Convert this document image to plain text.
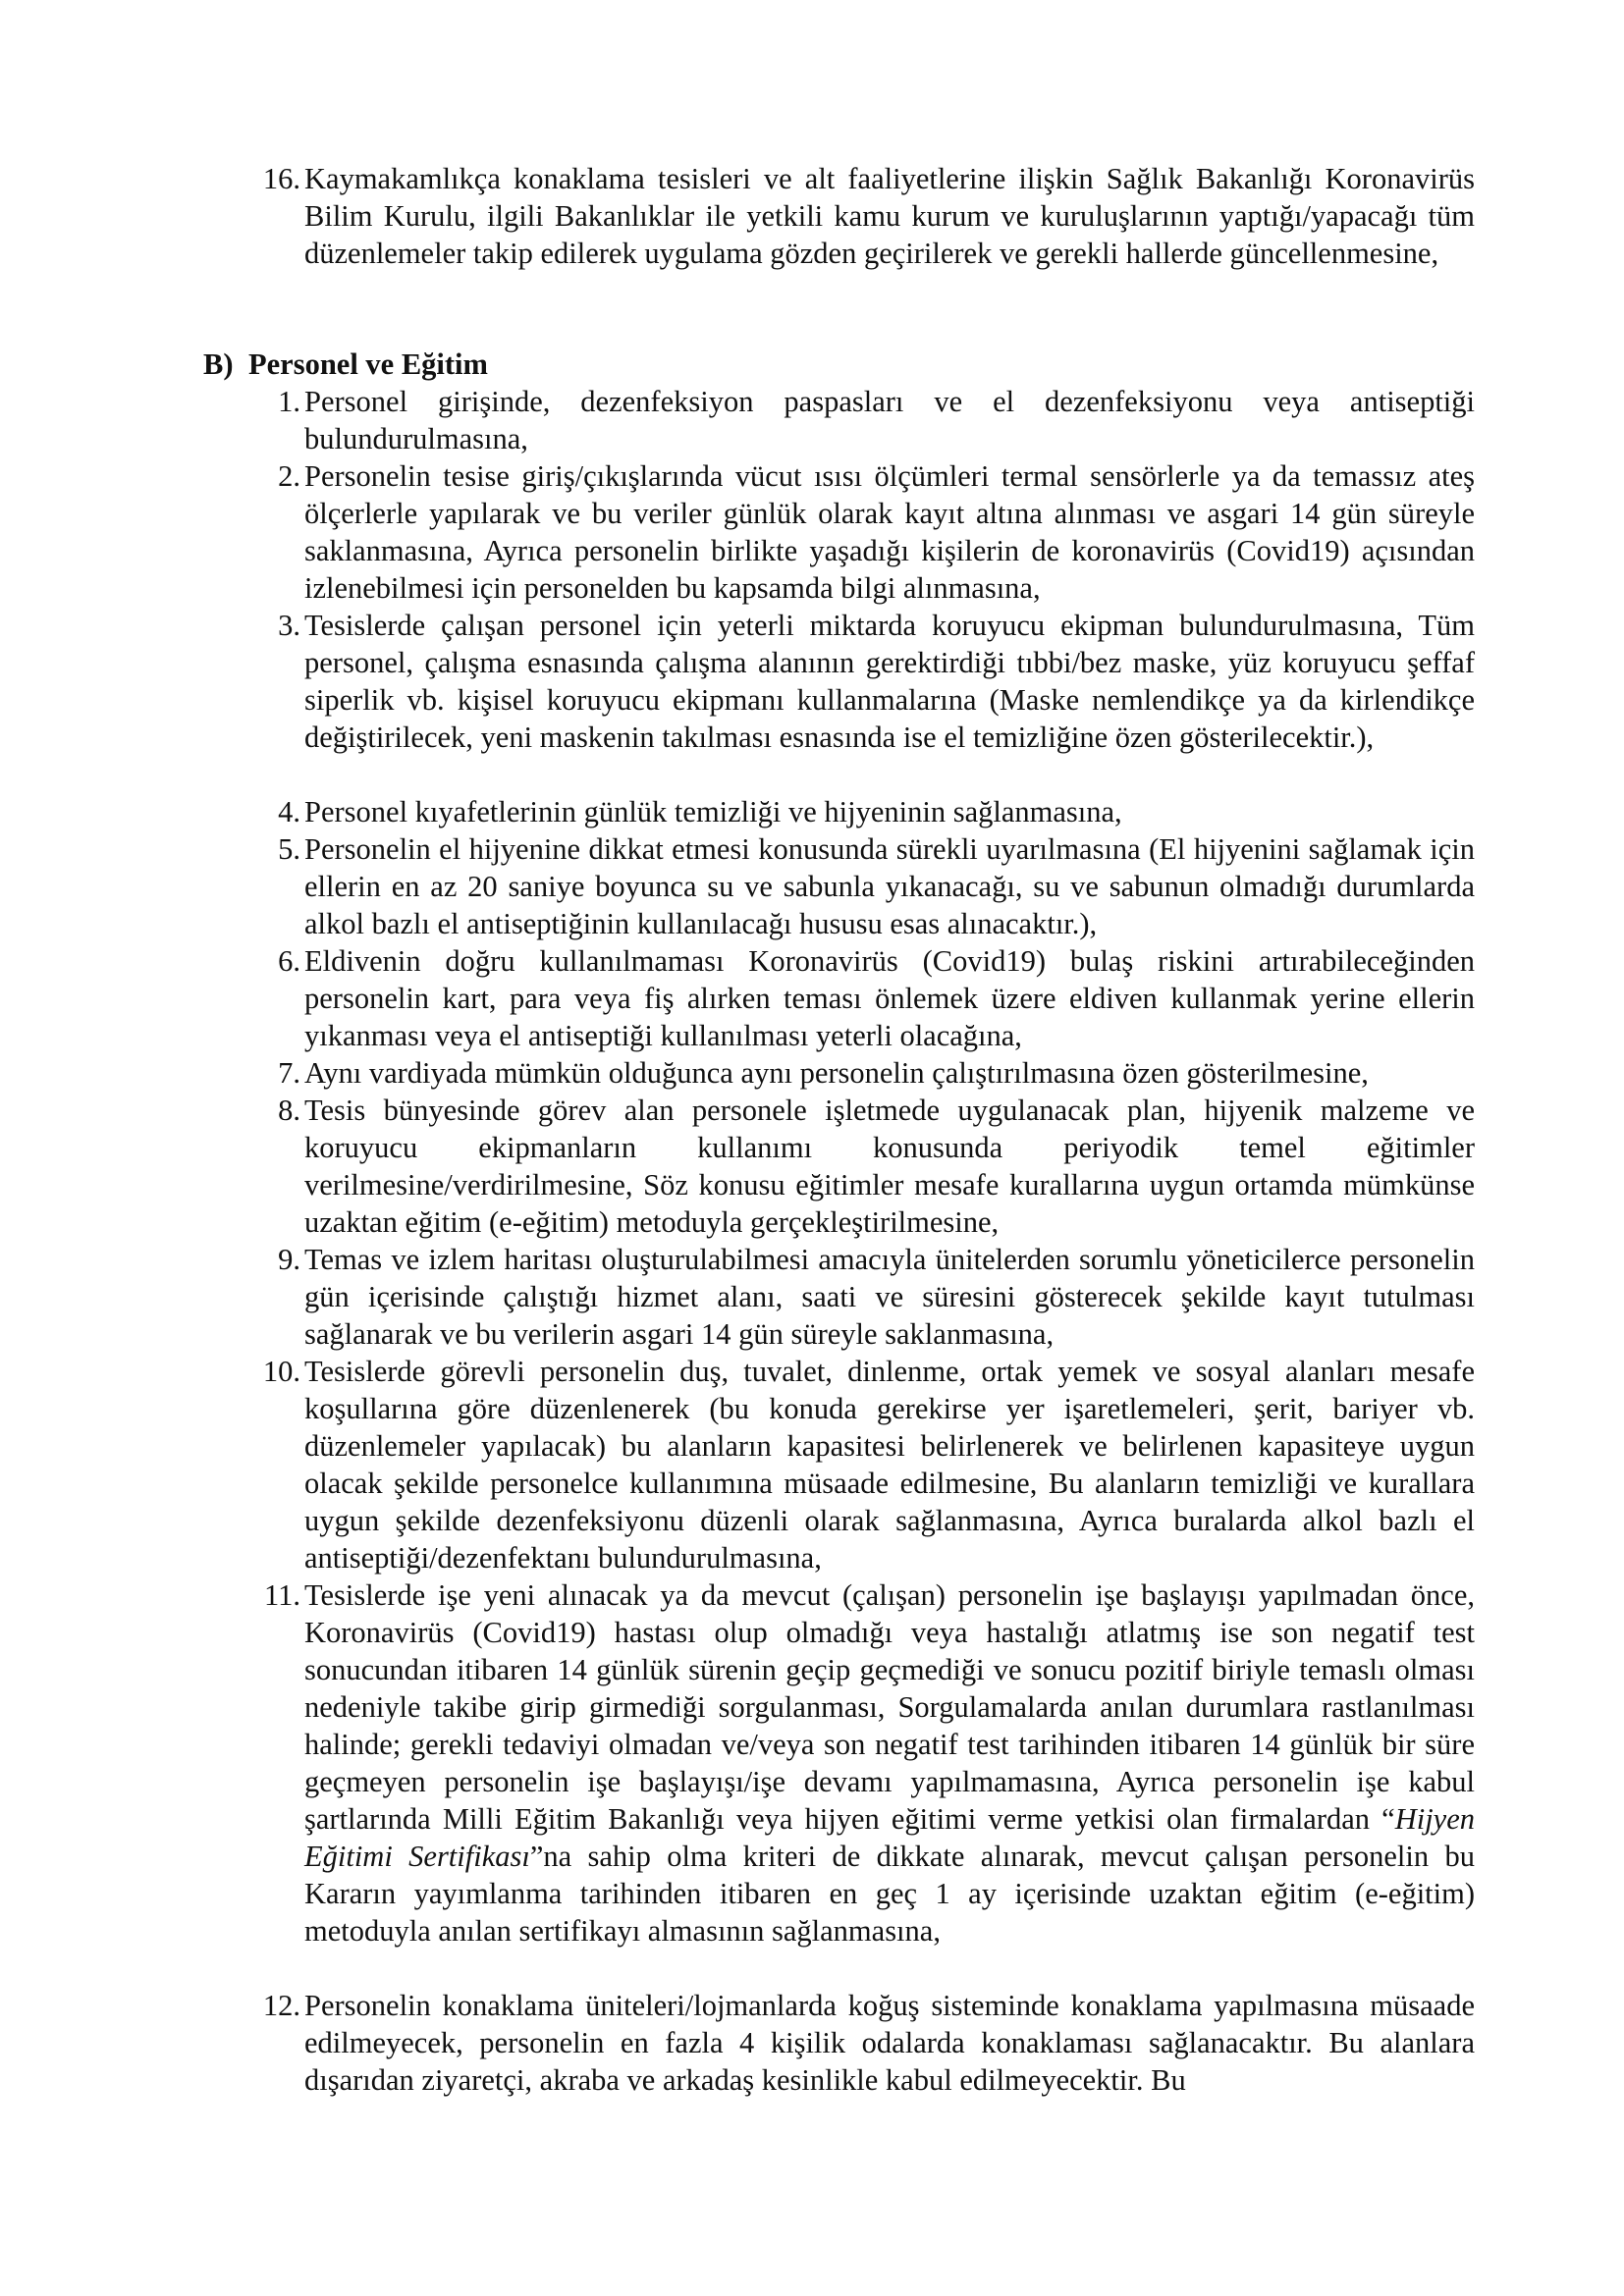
16. Kaymakamlıkça konaklama tesisleri ve alt faaliyetlerine ilişkin Sağlık Bakanlığı Koronavirüs Bilim Kurulu, ilgili Bakanlıklar ile yetkili kamu kurum ve kuruluşlarının yaptığı/yapacağı tüm düzenlemeler takip edilerek uygulama gözden geçirilerek ve gerekli hallerde güncellenmesine,
B) Personel ve Eğitim
1. Personel girişinde, dezenfeksiyon paspasları ve el dezenfeksiyonu veya antiseptiği bulundurulmasına,
2. Personelin tesise giriş/çıkışlarında vücut ısısı ölçümleri termal sensörlerle ya da temassız ateş ölçerlerle yapılarak ve bu veriler günlük olarak kayıt altına alınması ve asgari 14 gün süreyle saklanmasına, Ayrıca personelin birlikte yaşadığı kişilerin de koronavirüs (Covid19) açısından izlenebilmesi için personelden bu kapsamda bilgi alınmasına,
3. Tesislerde çalışan personel için yeterli miktarda koruyucu ekipman bulundurulmasına, Tüm personel, çalışma esnasında çalışma alanının gerektirdiği tıbbi/bez maske, yüz koruyucu şeffaf siperlik vb. kişisel koruyucu ekipmanı kullanmalarına (Maske nemlendikçe ya da kirlendikçe değiştirilecek, yeni maskenin takılması esnasında ise el temizliğine özen gösterilecektir.),
4. Personel kıyafetlerinin günlük temizliği ve hijyeninin sağlanmasına,
5. Personelin el hijyenine dikkat etmesi konusunda sürekli uyarılmasına (El hijyenini sağlamak için ellerin en az 20 saniye boyunca su ve sabunla yıkanacağı, su ve sabunun olmadığı durumlarda alkol bazlı el antiseptiğinin kullanılacağı hususu esas alınacaktır.),
6. Eldivenin doğru kullanılmaması Koronavirüs (Covid19) bulaş riskini artırabileceğinden personelin kart, para veya fiş alırken teması önlemek üzere eldiven kullanmak yerine ellerin yıkanması veya el antiseptiği kullanılması yeterli olacağına,
7. Aynı vardiyada mümkün olduğunca aynı personelin çalıştırılmasına özen gösterilmesine,
8. Tesis bünyesinde görev alan personele işletmede uygulanacak plan, hijyenik malzeme ve koruyucu ekipmanların kullanımı konusunda periyodik temel eğitimler verilmesine/verdirilmesine, Söz konusu eğitimler mesafe kurallarına uygun ortamda mümkünse uzaktan eğitim (e-eğitim) metoduyla gerçekleştirilmesine,
9. Temas ve izlem haritası oluşturulabilmesi amacıyla ünitelerden sorumlu yöneticilerce personelin gün içerisinde çalıştığı hizmet alanı, saati ve süresini gösterecek şekilde kayıt tutulması sağlanarak ve bu verilerin asgari 14 gün süreyle saklanmasına,
10. Tesislerde görevli personelin duş, tuvalet, dinlenme, ortak yemek ve sosyal alanları mesafe koşullarına göre düzenlenerek (bu konuda gerekirse yer işaretlemeleri, şerit, bariyer vb. düzenlemeler yapılacak) bu alanların kapasitesi belirlenerek ve belirlenen kapasiteye uygun olacak şekilde personelce kullanımına müsaade edilmesine, Bu alanların temizliği ve kurallara uygun şekilde dezenfeksiyonu düzenli olarak sağlanmasına, Ayrıca buralarda alkol bazlı el antiseptiği/dezenfektanı bulundurulmasına,
11. Tesislerde işe yeni alınacak ya da mevcut (çalışan) personelin işe başlayışı yapılmadan önce, Koronavirüs (Covid19) hastası olup olmadığı veya hastalığı atlatmış ise son negatif test sonucundan itibaren 14 günlük sürenin geçip geçmediği ve sonucu pozitif biriyle temaslı olması nedeniyle takibe girip girmediği sorgulanması, Sorgulamalarda anılan durumlara rastlanılması halinde; gerekli tedaviyi olmadan ve/veya son negatif test tarihinden itibaren 14 günlük bir süre geçmeyen personelin işe başlayışı/işe devamı yapılmamasına, Ayrıca personelin işe kabul şartlarında Milli Eğitim Bakanlığı veya hijyen eğitimi verme yetkisi olan firmalardan “Hijyen Eğitimi Sertifikası”na sahip olma kriteri de dikkate alınarak, mevcut çalışan personelin bu Kararın yayımlanma tarihinden itibaren en geç 1 ay içerisinde uzaktan eğitim (e-eğitim) metoduyla anılan sertifikayı almasının sağlanmasına,
12. Personelin konaklama üniteleri/lojmanlarda koğuş sisteminde konaklama yapılmasına müsaade edilmeyecek, personelin en fazla 4 kişilik odalarda konaklaması sağlanacaktır. Bu alanlara dışarıdan ziyaretçi, akraba ve arkadaş kesinlikle kabul edilmeyecektir. Bu
